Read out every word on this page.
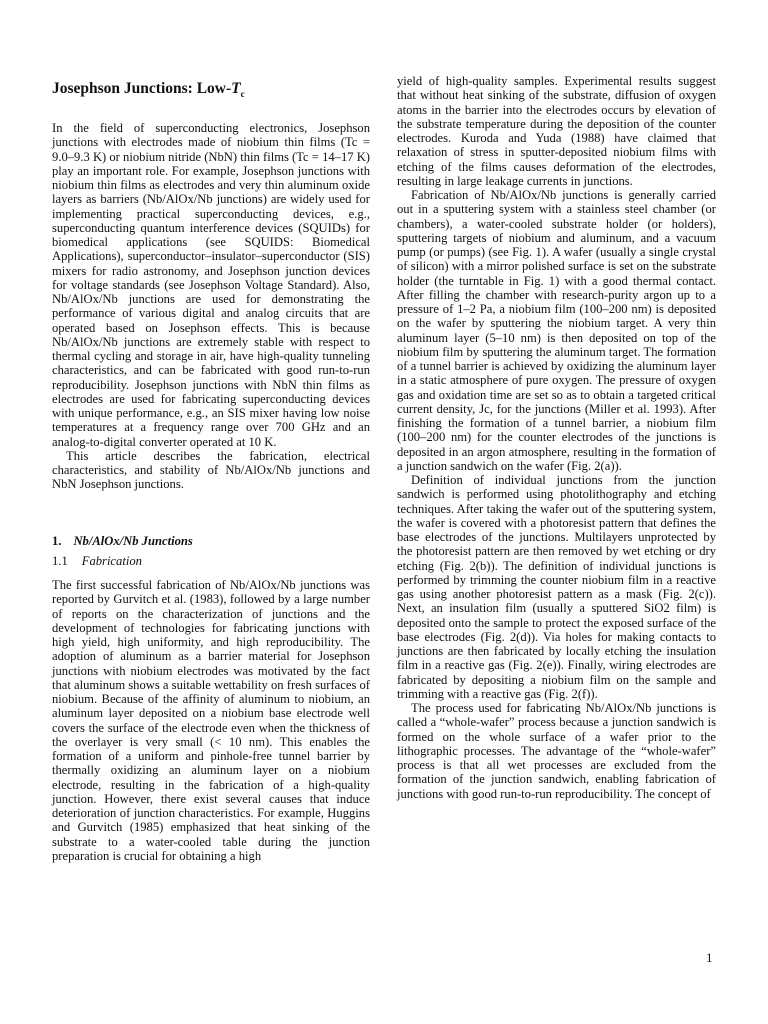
Josephson Junctions: Low-$T_c$

In the field of superconducting electronics, Josephson junctions with electrodes made of niobium thin films (Tc = 9.0–9.3 K) or niobium nitride (NbN) thin films (Tc = 14–17 K) play an important role. For example, Josephson junctions with niobium thin films as electrodes and very thin aluminum oxide layers as barriers (Nb/AlOx/Nb junctions) are widely used for implementing practical superconducting devices, e.g., superconducting quantum interference devices (SQUIDs) for biomedical applications (see SQUIDS: Biomedical Applications), superconductor–insulator–superconductor (SIS) mixers for radio astronomy, and Josephson junction devices for voltage standards (see Josephson Voltage Standard). Also, Nb/AlOx/Nb junctions are used for demonstrating the performance of various digital and analog circuits that are operated based on Josephson effects. This is because Nb/AlOx/Nb junctions are extremely stable with respect to thermal cycling and storage in air, have high-quality tunneling characteristics, and can be fabricated with good run-to-run reproducibility. Josephson junctions with NbN thin films as electrodes are used for fabricating superconducting devices with unique performance, e.g., an SIS mixer having low noise temperatures at a frequency range over 700 GHz and an analog-to-digital converter operated at 10 K.

This article describes the fabrication, electrical characteristics, and stability of Nb/AlOx/Nb junctions and NbN Josephson junctions.

1. Nb/AlOx/Nb Junctions
1.1 Fabrication

The first successful fabrication of Nb/AlOx/Nb junctions was reported by Gurvitch et al. (1983), followed by a large number of reports on the characterization of junctions and the development of technologies for fabricating junctions with high yield, high uniformity, and high reproducibility. The adoption of aluminum as a barrier material for Josephson junctions with niobium electrodes was motivated by the fact that aluminum shows a suitable wettability on fresh surfaces of niobium. Because of the affinity of aluminum to niobium, an aluminum layer deposited on a niobium base electrode well covers the surface of the electrode even when the thickness of the overlayer is very small (< 10 nm). This enables the formation of a uniform and pinhole-free tunnel barrier by thermally oxidizing an aluminum layer on a niobium electrode, resulting in the fabrication of a high-quality junction. However, there exist several causes that induce deterioration of junction characteristics. For example, Huggins and Gurvitch (1985) emphasized that heat sinking of the substrate to a water-cooled table during the junction preparation is crucial for obtaining a high

yield of high-quality samples. Experimental results suggest that without heat sinking of the substrate, diffusion of oxygen atoms in the barrier into the electrodes occurs by elevation of the substrate temperature during the deposition of the counter electrodes. Kuroda and Yuda (1988) have claimed that relaxation of stress in sputter-deposited niobium films with etching of the films causes deformation of the electrodes, resulting in large leakage currents in junctions.

Fabrication of Nb/AlOx/Nb junctions is generally carried out in a sputtering system with a stainless steel chamber (or chambers), a water-cooled substrate holder (or holders), sputtering targets of niobium and aluminum, and a vacuum pump (or pumps) (see Fig. 1). A wafer (usually a single crystal of silicon) with a mirror polished surface is set on the substrate holder (the turntable in Fig. 1) with a good thermal contact. After filling the chamber with research-purity argon up to a pressure of 1–2 Pa, a niobium film (100–200 nm) is deposited on the wafer by sputtering the niobium target. A very thin aluminum layer (5–10 nm) is then deposited on top of the niobium film by sputtering the aluminum target. The formation of a tunnel barrier is achieved by oxidizing the aluminum layer in a static atmosphere of pure oxygen. The pressure of oxygen gas and oxidation time are set so as to obtain a targeted critical current density, Jc, for the junctions (Miller et al. 1993). After finishing the formation of a tunnel barrier, a niobium film (100–200 nm) for the counter electrodes of the junctions is deposited in an argon atmosphere, resulting in the formation of a junction sandwich on the wafer (Fig. 2(a)).

Definition of individual junctions from the junction sandwich is performed using photolithography and etching techniques. After taking the wafer out of the sputtering system, the wafer is covered with a photoresist pattern that defines the base electrodes of the junctions. Multilayers unprotected by the photoresist pattern are then removed by wet etching or dry etching (Fig. 2(b)). The definition of individual junctions is performed by trimming the counter niobium film in a reactive gas using another photoresist pattern as a mask (Fig. 2(c)). Next, an insulation film (usually a sputtered SiO2 film) is deposited onto the sample to protect the exposed surface of the base electrodes (Fig. 2(d)). Via holes for making contacts to junctions are then fabricated by locally etching the insulation film in a reactive gas (Fig. 2(e)). Finally, wiring electrodes are fabricated by depositing a niobium film on the sample and trimming with a reactive gas (Fig. 2(f)).

The process used for fabricating Nb/AlOx/Nb junctions is called a “whole-wafer” process because a junction sandwich is formed on the whole surface of a wafer prior to the lithographic processes. The advantage of the “whole-wafer” process is that all wet processes are excluded from the formation of the junction sandwich, enabling fabrication of junctions with good run-to-run reproducibility. The concept of

1
